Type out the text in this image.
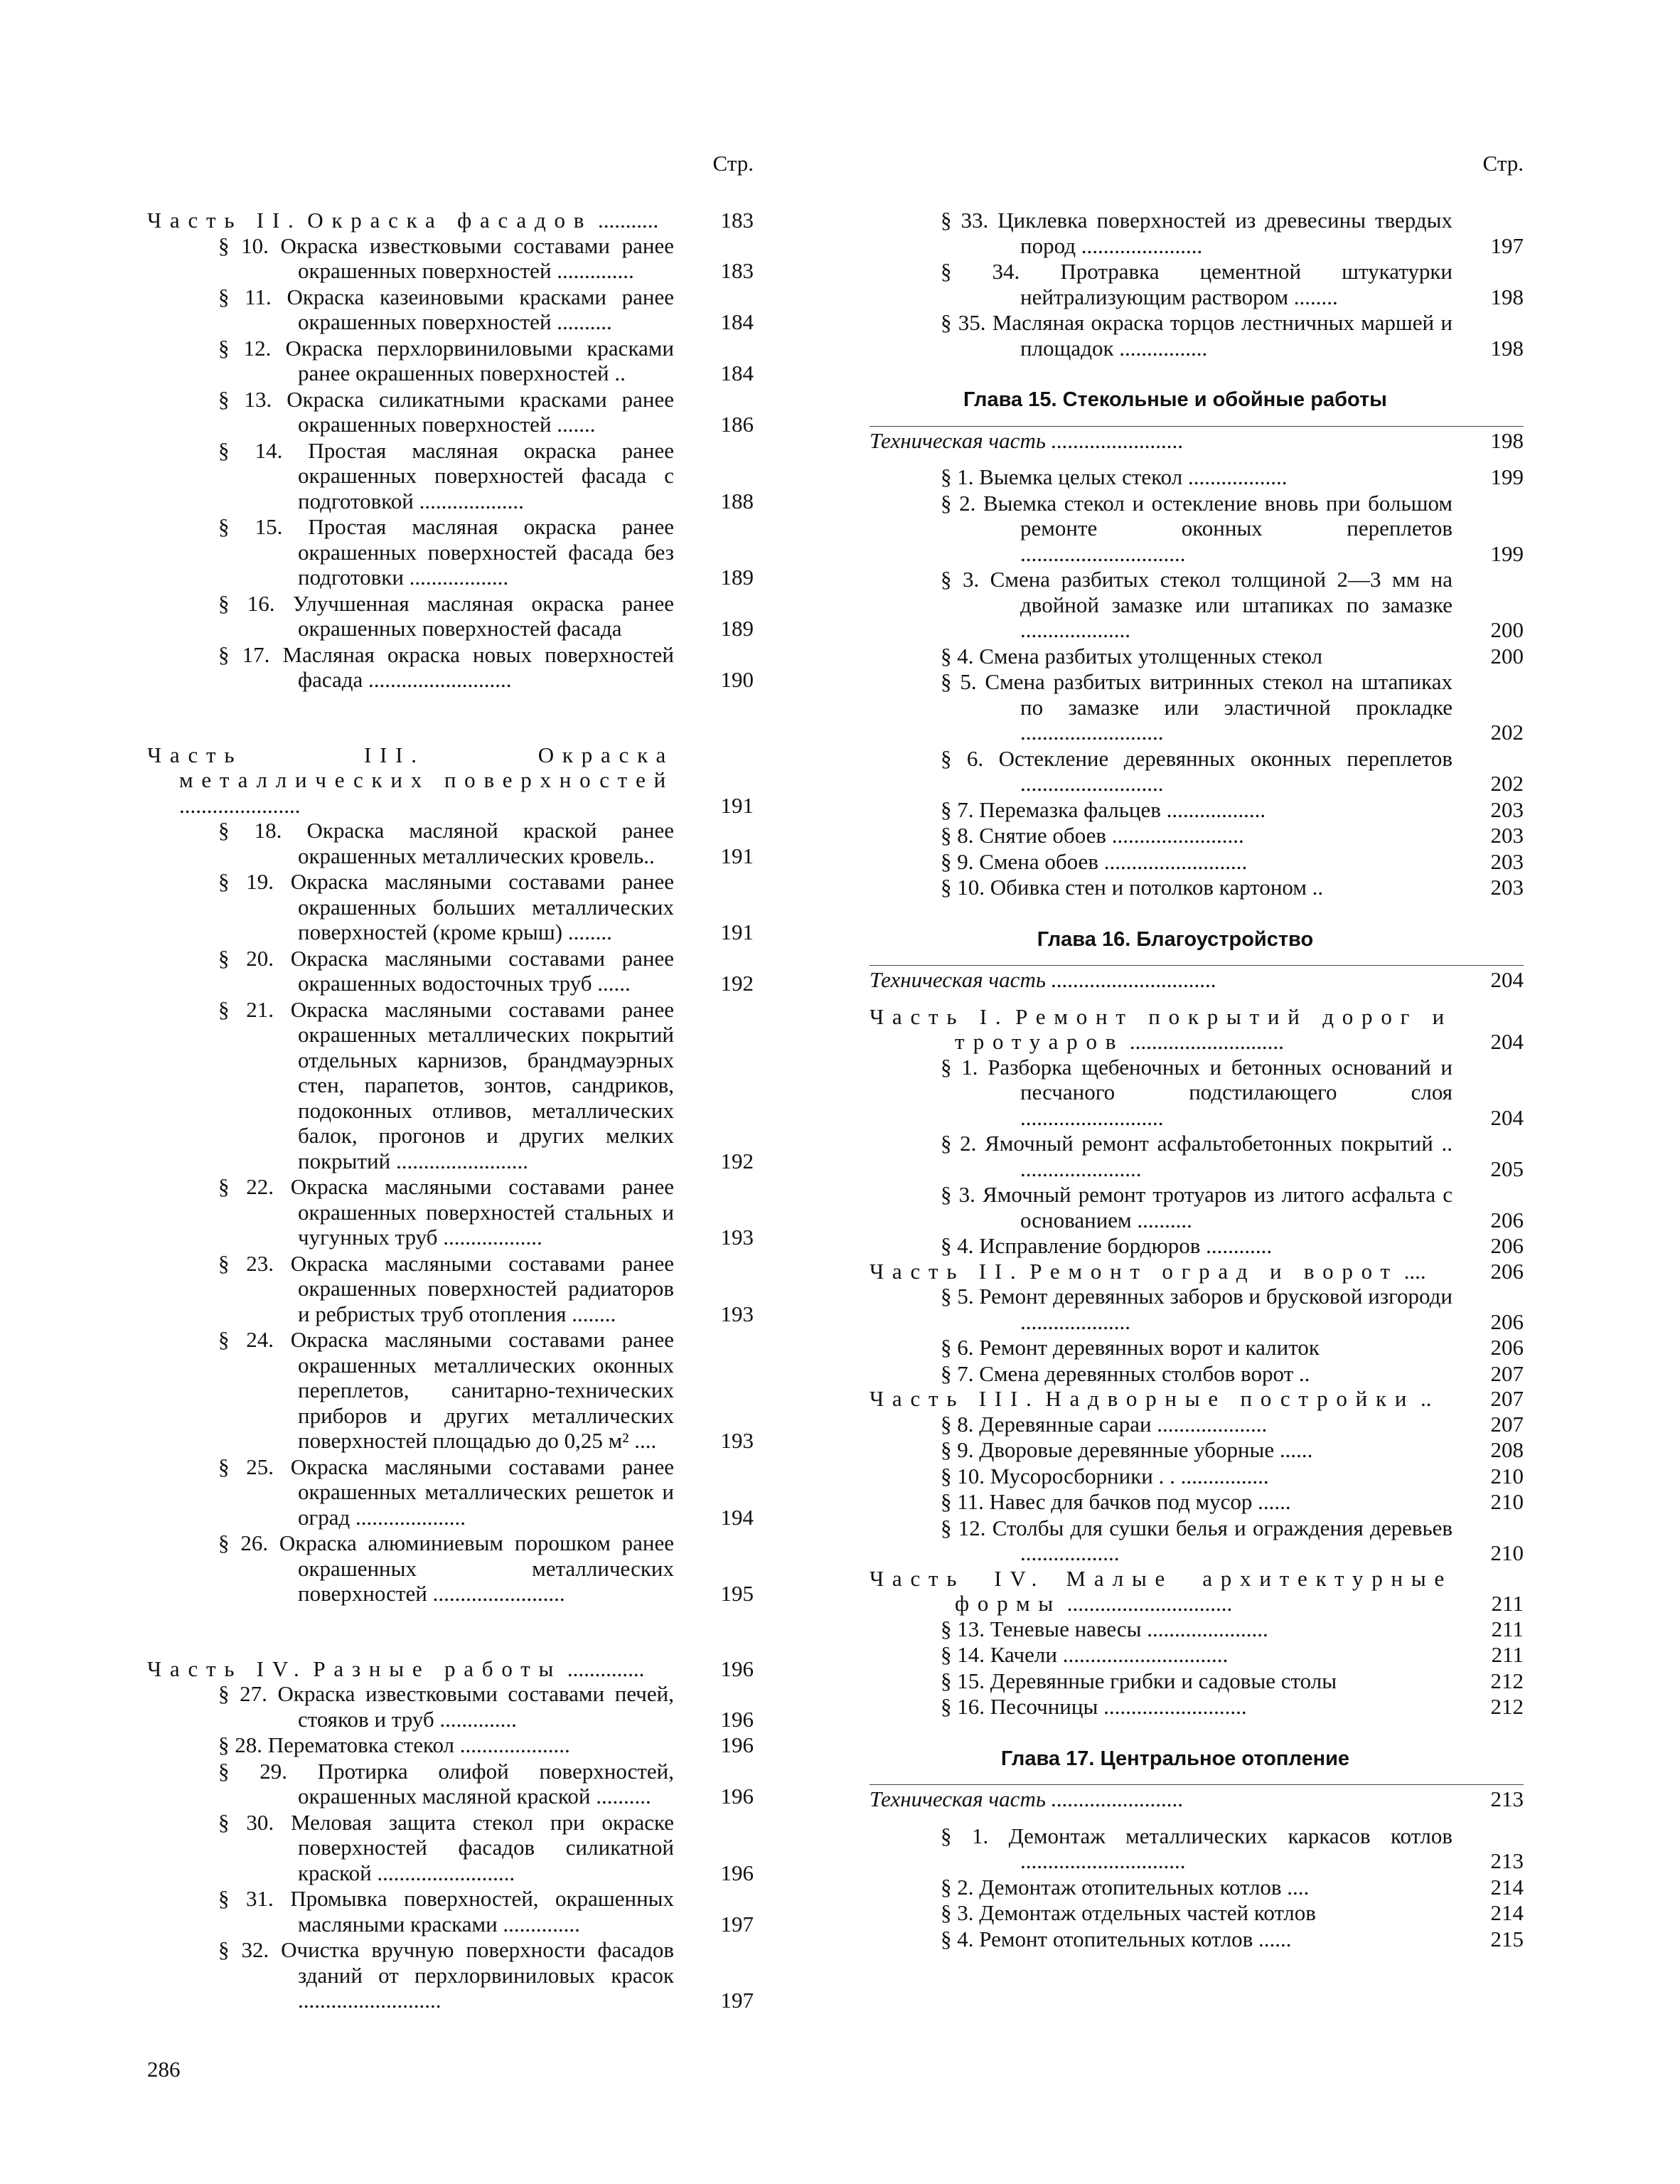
Стр.
Часть II. Окраска фасадов ...........	183
§ 10. Окраска известковыми составами ранее окрашенных поверхностей ..............	183
§ 11. Окраска казеиновыми красками ранее окрашенных поверхностей ..........	184
§ 12. Окраска перхлорвиниловыми красками ранее окрашенных поверхностей ..	184
§ 13. Окраска силикатными красками ранее окрашенных поверхностей .......	186
§ 14. Простая масляная окраска ранее окрашенных поверхностей фасада с подготовкой ...................	188
§ 15. Простая масляная окраска ранее окрашенных поверхностей фасада без подготовки ..................	189
§ 16. Улучшенная масляная окраска ранее окрашенных поверхностей фасада	189
§ 17. Масляная окраска новых поверхностей фасада ..........................	190
Часть III.	Окраска металлических поверхностей ......................	191
§ 18. Окраска масляной краской ранее окрашенных металлических кровель..	191
§ 19. Окраска масляными составами ранее окрашенных больших металлических поверхностей (кроме крыш) ........	191
§ 20. Окраска масляными составами ранее окрашенных водосточных труб ......	192
§ 21. Окраска масляными составами ранее окрашенных металлических покрытий отдельных карнизов, брандмауэрных стен, парапетов, зонтов, сандриков, подоконных отливов, металлических балок, прогонов и других мелких покрытий ........................	192
§ 22. Окраска масляными составами ранее окрашенных поверхностей стальных и чугунных труб ..................	193
§ 23. Окраска масляными составами ранее окрашенных поверхностей радиаторов и ребристых труб отопления ........	193
§ 24. Окраска масляными составами ранее окрашенных металлических оконных переплетов, санитарно-технических приборов и других металлических поверхностей площадью до 0,25 м² ....	193
§ 25. Окраска масляными составами ранее окрашенных металлических решеток и оград ....................	194
§ 26. Окраска алюминиевым порошком ранее окрашенных металлических поверхностей ........................	195
Часть IV. Разные работы ..............	196
§ 27. Окраска известковыми составами печей, стояков и труб ..............	196
§ 28. Перематовка стекол ....................	196
§ 29. Протирка олифой поверхностей, окрашенных масляной краской ..........	196
§ 30. Меловая защита стекол при окраске поверхностей фасадов силикатной краской .........................	196
§ 31. Промывка поверхностей, окрашенных масляными красками ..............	197
§ 32. Очистка вручную поверхности фасадов зданий от перхлорвиниловых красок ..........................	197
Стр.
§ 33. Циклевка поверхностей из древесины твердых пород ......................	197
§ 34. Протравка цементной штукатурки нейтрализующим раствором ........	198
§ 35. Масляная окраска торцов лестничных маршей и площадок ................	198
Глава 15. Стекольные и обойные работы
Техническая часть ........................	198
§ 1. Выемка целых стекол ..................	199
§ 2. Выемка стекол и остекление вновь при большом ремонте оконных переплетов ..............................	199
§ 3. Смена разбитых стекол толщиной 2—3 мм на двойной замазке или штапиках по замазке ....................	200
§ 4. Смена разбитых утолщенных стекол	200
§ 5. Смена разбитых витринных стекол на штапиках по замазке или эластичной прокладке ..........................	202
§ 6. Остекление деревянных оконных переплетов ..........................	202
§ 7. Перемазка фальцев ..................	203
§ 8. Снятие обоев ........................	203
§ 9. Смена обоев ..........................	203
§ 10. Обивка стен и потолков картоном ..	203
Глава 16. Благоустройство
Техническая часть ..............................	204
Часть I. Ремонт покрытий дорог и тротуаров ............................	204
§ 1. Разборка щебеночных и бетонных оснований и песчаного подстилающего слоя ..........................	204
§ 2. Ямочный ремонт асфальтобетонных покрытий .. ......................	205
§ 3. Ямочный ремонт тротуаров из литого асфальта с основанием ..........	206
§ 4. Исправление бордюров ............	206
Часть II. Ремонт оград и ворот ....	206
§ 5. Ремонт деревянных заборов и брусковой изгороди ....................	206
§ 6. Ремонт деревянных ворот и калиток	206
§ 7. Смена деревянных столбов ворот ..	207
Часть III. Надворные постройки ..	207
§ 8. Деревянные сараи ....................	207
§ 9. Дворовые деревянные уборные ......	208
§ 10. Мусоросборники . . ................	210
§ 11. Навес для бачков под мусор ......	210
§ 12. Столбы для сушки белья и ограждения деревьев ..................	210
Часть IV. Малые архитектурные формы ..............................	211
§ 13. Теневые навесы ......................	211
§ 14. Качели ..............................	211
§ 15. Деревянные грибки и садовые столы	212
§ 16. Песочницы ..........................	212
Глава 17. Центральное отопление
Техническая часть ........................	213
§ 1. Демонтаж металлических каркасов котлов ..............................	213
§ 2. Демонтаж отопительных котлов ....	214
§ 3. Демонтаж отдельных частей котлов	214
§ 4. Ремонт отопительных котлов ......	215
286
